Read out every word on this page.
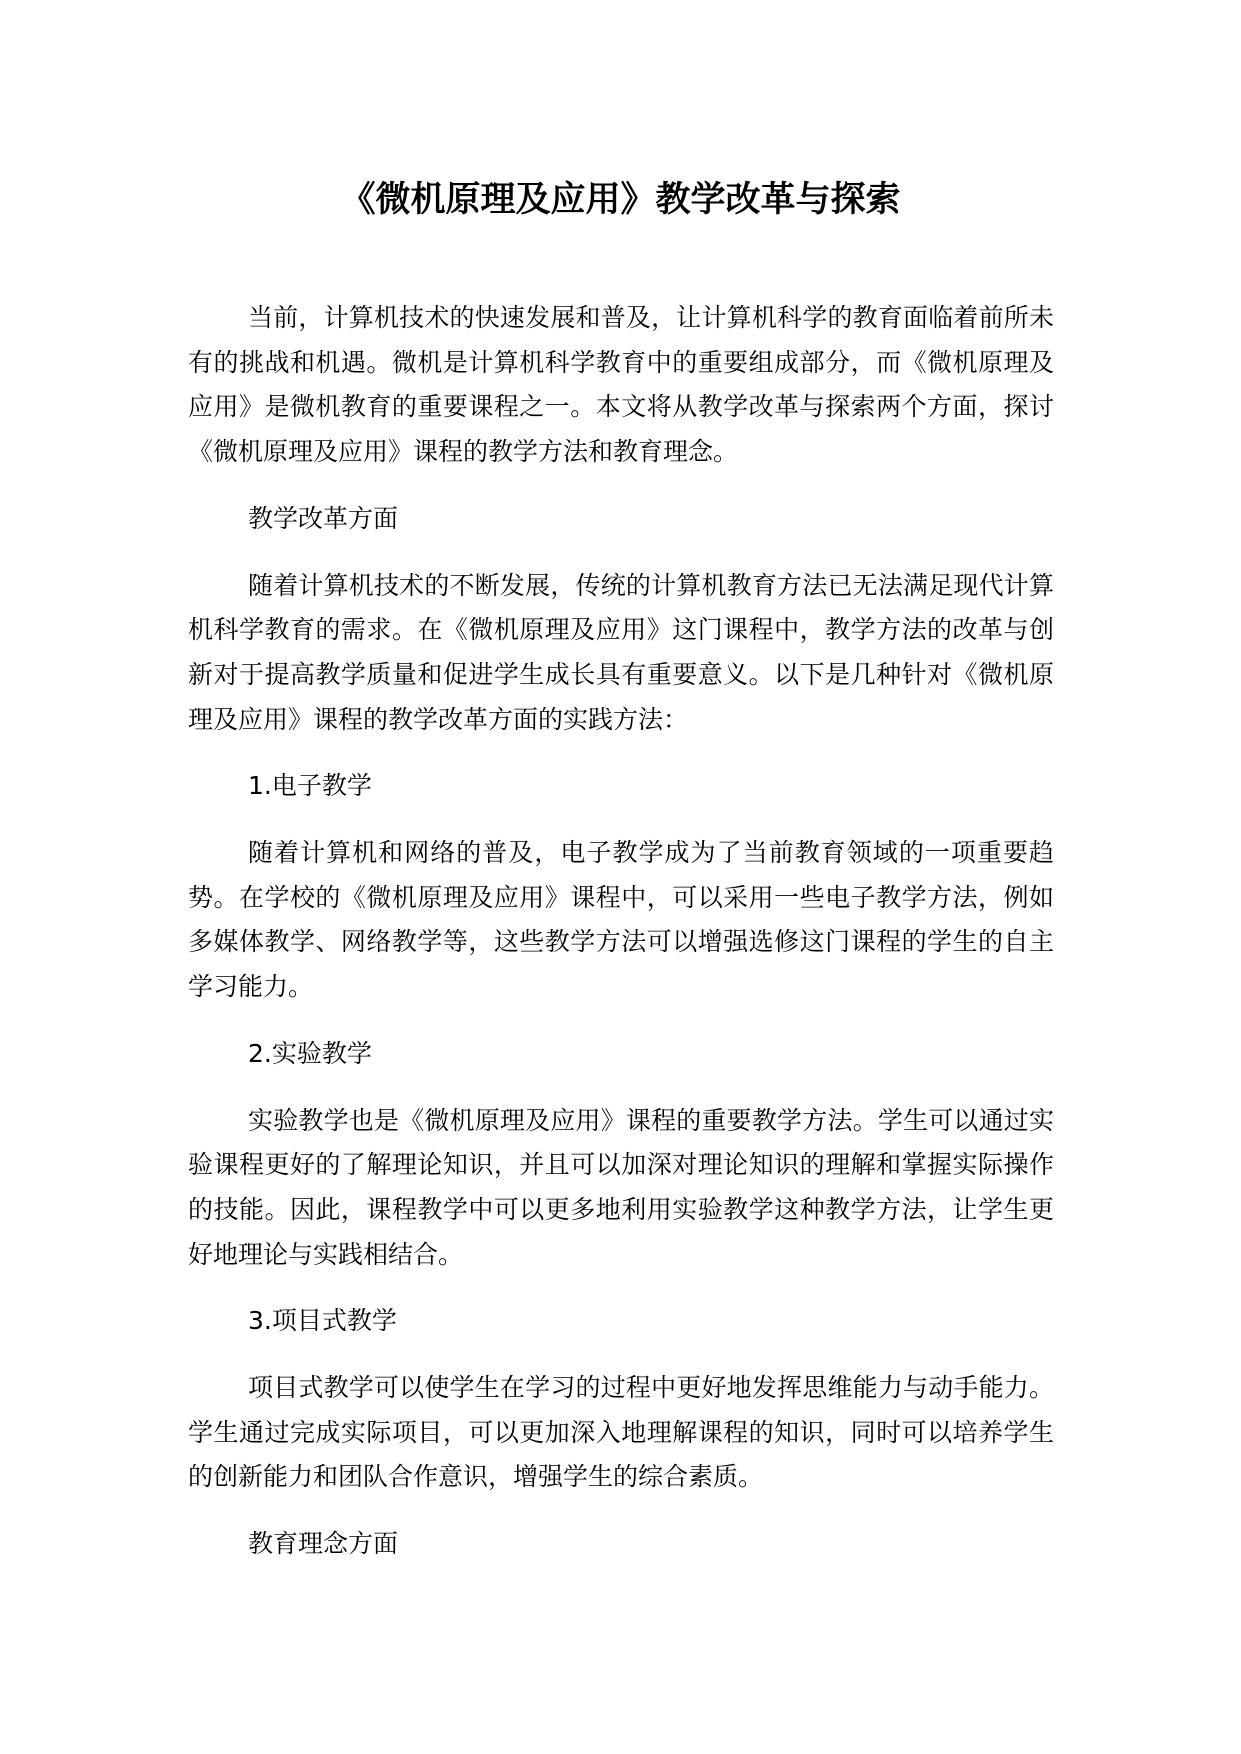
《微机原理及应用》教学改革与探索

当前，计算机技术的快速发展和普及，让计算机科学的教育面临着前所未有的挑战和机遇。微机是计算机科学教育中的重要组成部分，而《微机原理及应用》是微机教育的重要课程之一。本文将从教学改革与探索两个方面，探讨《微机原理及应用》课程的教学方法和教育理念。

教学改革方面

随着计算机技术的不断发展，传统的计算机教育方法已无法满足现代计算机科学教育的需求。在《微机原理及应用》这门课程中，教学方法的改革与创新对于提高教学质量和促进学生成长具有重要意义。以下是几种针对《微机原理及应用》课程的教学改革方面的实践方法：

1.电子教学

随着计算机和网络的普及，电子教学成为了当前教育领域的一项重要趋势。在学校的《微机原理及应用》课程中，可以采用一些电子教学方法，例如多媒体教学、网络教学等，这些教学方法可以增强选修这门课程的学生的自主学习能力。

2.实验教学

实验教学也是《微机原理及应用》课程的重要教学方法。学生可以通过实验课程更好的了解理论知识，并且可以加深对理论知识的理解和掌握实际操作的技能。因此，课程教学中可以更多地利用实验教学这种教学方法，让学生更好地理论与实践相结合。

3.项目式教学

项目式教学可以使学生在学习的过程中更好地发挥思维能力与动手能力。学生通过完成实际项目，可以更加深入地理解课程的知识，同时可以培养学生的创新能力和团队合作意识，增强学生的综合素质。

教育理念方面
